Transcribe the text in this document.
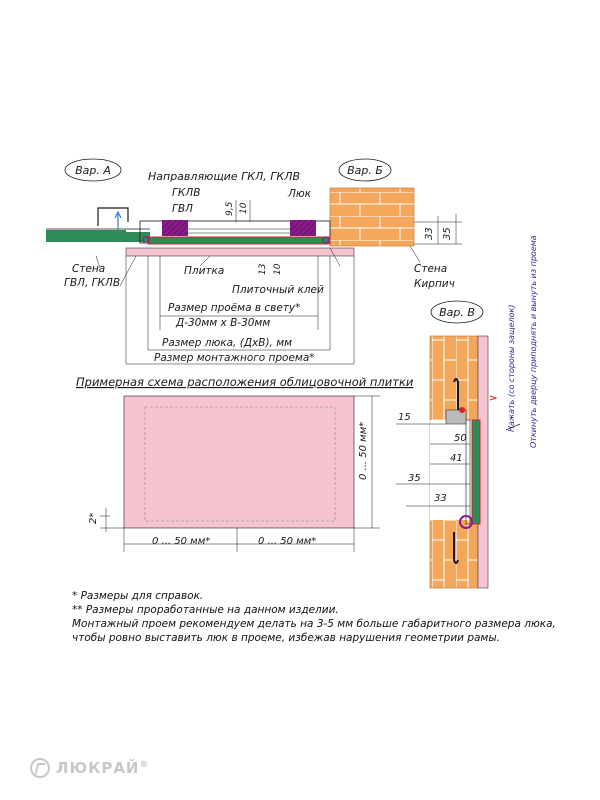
Вар. А	Вар. Б
Направляющие ГКЛ, ГКЛВ
ГКЛВ
ГВЛ
Люк
9,5 10
33 35
Стена
ГВЛ, ГКЛВ
Плитка	13 10	Стена
Кирпич
Плиточный клей
Размер проёма в свету*
Д-30мм х В-30мм
Размер люка, (ДхВ), мм
Размер монтажного проема*
Примерная схема расположения облицовочной плитки
0 ... 50 мм*
0 ... 50 мм*	0 ... 50 мм*
2*
Вар. В
15
50
41
35
33
Нажать (со стороны защелок) Откинуть дверцу приподнять и вынуть из проема
* Размеры для справок.
** Размеры проработанные на данном изделии.
Монтажный проем рекомендуем делать на 3-5 мм больше габаритного размера люка,
чтобы ровно выставить люк в проеме, избежав нарушения геометрии рамы.
ЛЮКРАЙ®
